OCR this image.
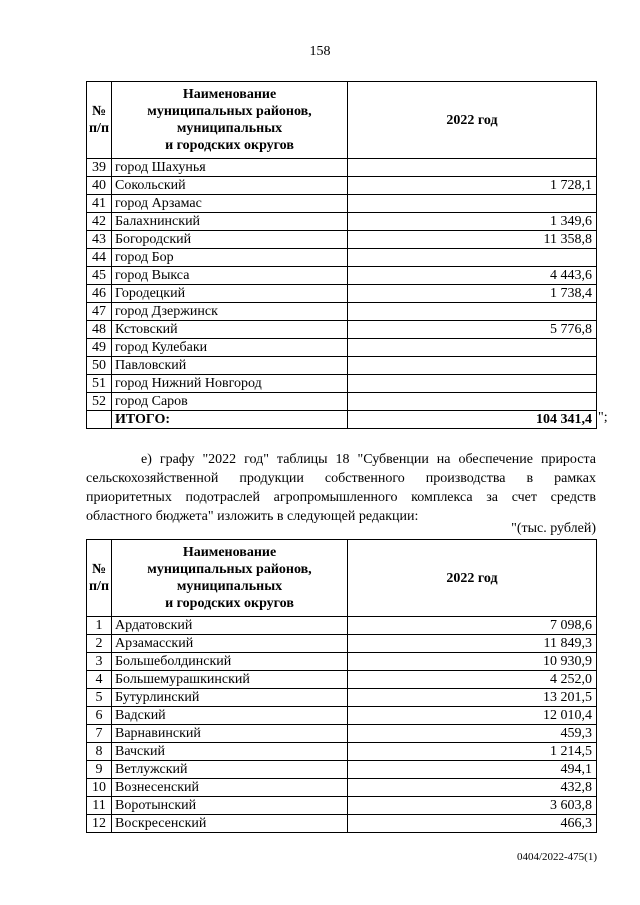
158
№ п/п	Наименование
муниципальных районов,
муниципальных
и городских округов	2022 год
39	город Шахунья	
40	Сокольский	1 728,1
41	город Арзамас	
42	Балахнинский	1 349,6
43	Богородский	11 358,8
44	город Бор	
45	город Выкса	4 443,6
46	Городецкий	1 738,4
47	город Дзержинск	
48	Кстовский	5 776,8
49	город Кулебаки	
50	Павловский	
51	город Нижний Новгород	
52	город Саров	
	ИТОГО:	104 341,4 ";
е) графу "2022 год" таблицы 18 "Субвенции на обеспечение прироста сельскохозяйственной продукции собственного производства в рамках приоритетных подотраслей агропромышленного комплекса за счет средств областного бюджета" изложить в следующей редакции:
"(тыс. рублей)
№ п/п	Наименование
муниципальных районов,
муниципальных
и городских округов	2022 год
1	Ардатовский	7 098,6
2	Арзамасский	11 849,3
3	Большеболдинский	10 930,9
4	Большемурашкинский	4 252,0
5	Бутурлинский	13 201,5
6	Вадский	12 010,4
7	Варнавинский	459,3
8	Вачский	1 214,5
9	Ветлужский	494,1
10	Вознесенский	432,8
11	Воротынский	3 603,8
12	Воскресенский	466,3
0404/2022-475(1)
